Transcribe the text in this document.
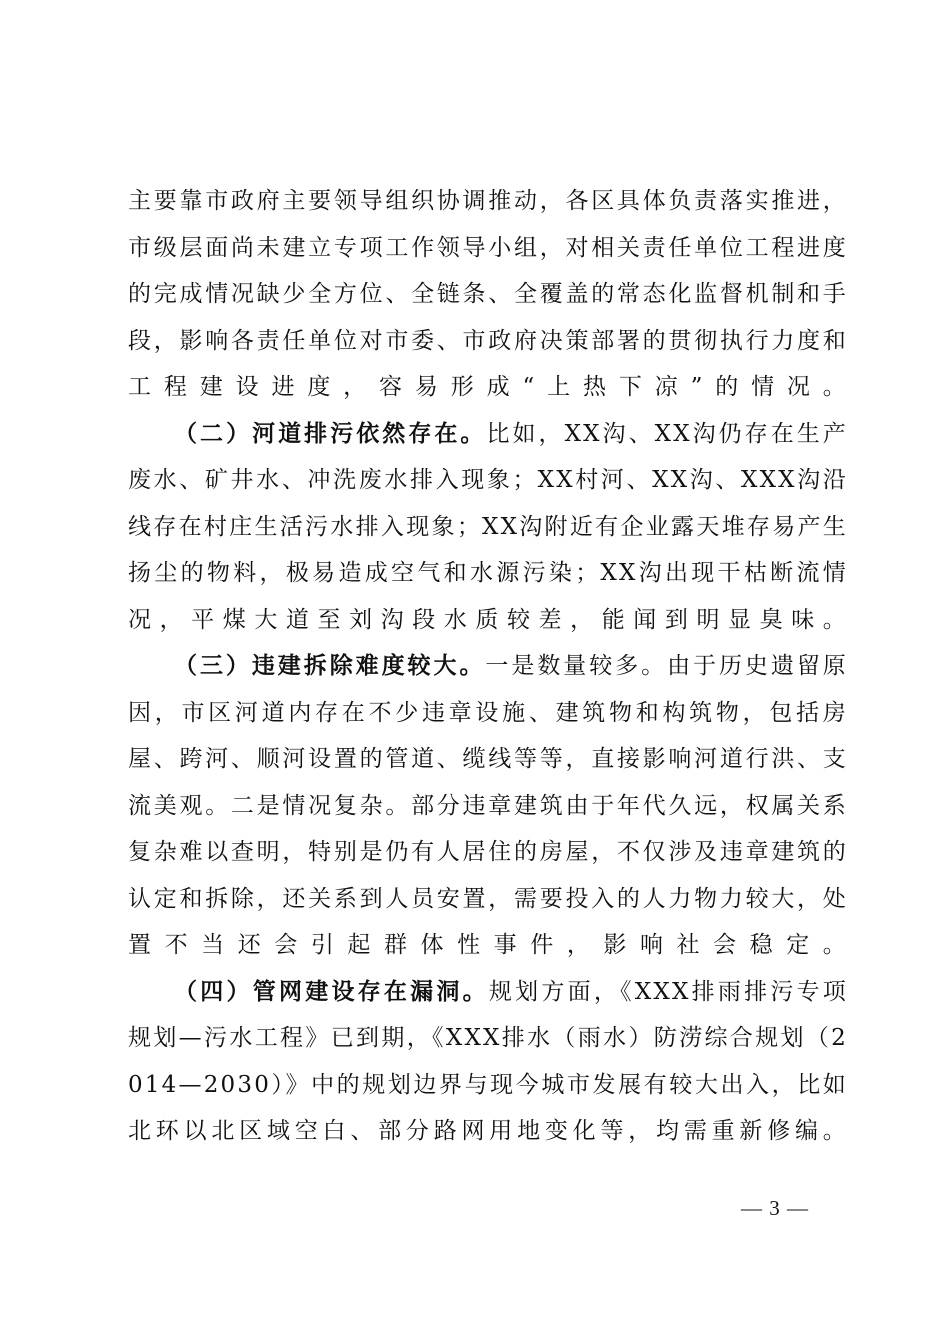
主要靠市政府主要领导组织协调推动，各区具体负责落实推进，市级层面尚未建立专项工作领导小组，对相关责任单位工程进度的完成情况缺少全方位、全链条、全覆盖的常态化监督机制和手段，影响各责任单位对市委、市政府决策部署的贯彻执行力度和工程建设进度，容易形成“上热下凉”的情况。

（二）河道排污依然存在。比如，XX沟、XX沟仍存在生产废水、矿井水、冲洗废水排入现象；XX村河、XX沟、XXX沟沿线存在村庄生活污水排入现象；XX沟附近有企业露天堆存易产生扬尘的物料，极易造成空气和水源污染；XX沟出现干枯断流情况，平煤大道至刘沟段水质较差，能闻到明显臭味。

（三）违建拆除难度较大。一是数量较多。由于历史遗留原因，市区河道内存在不少违章设施、建筑物和构筑物，包括房屋、跨河、顺河设置的管道、缆线等等，直接影响河道行洪、支流美观。二是情况复杂。部分违章建筑由于年代久远，权属关系复杂难以查明，特别是仍有人居住的房屋，不仅涉及违章建筑的认定和拆除，还关系到人员安置，需要投入的人力物力较大，处置不当还会引起群体性事件，影响社会稳定。

（四）管网建设存在漏洞。规划方面，《XXX排雨排污专项规划—污水工程》已到期，《XXX排水（雨水）防涝综合规划（2014—2030）》中的规划边界与现今城市发展有较大出入，比如北环以北区域空白、部分路网用地变化等，均需重新修编。

— 3 —
